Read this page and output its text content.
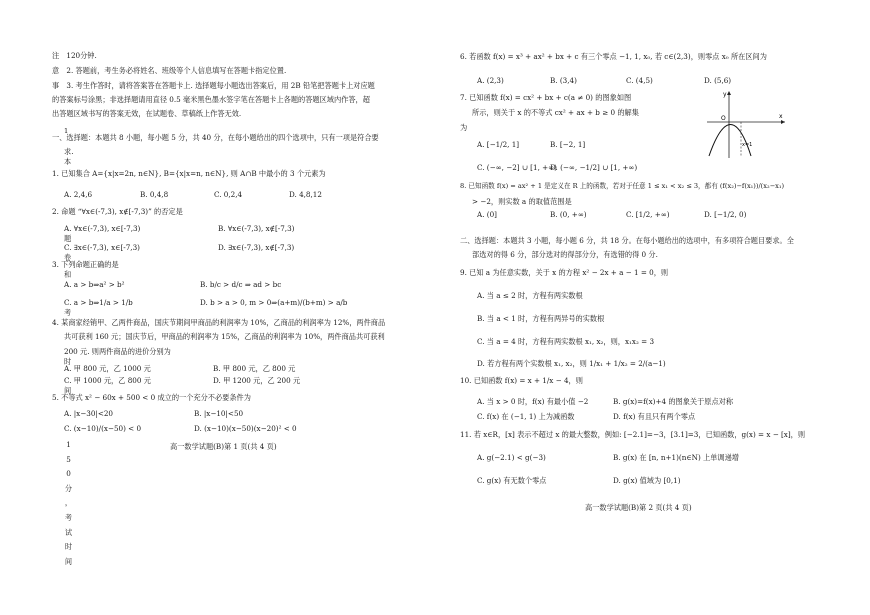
注　120分钟.
意　2. 答题前，考生务必将姓名、班级等个人信息填写在答题卡指定位置.
事　3. 考生作答时，请将答案答在答题卡上. 选择题每小题选出答案后，用 2B 铅笔把答题卡上对应题
的答案标号涂黑；非选择题请用直径 0.5 毫米黑色墨水签字笔在答题卡上各题的答题区域内作答，超
出答题区域书写的答案无效，在试题卷、草稿纸上作答无效.
1
一、选择题：本题共 8 小题，每小题 5 分，共 40 分，在每小题给出的四个选项中，只有一项是符合要
求.
本
1. 已知集合 A={x|x=2n, n∈N}, B={x|x=n, n∈N}, 则 A∩B 中最小的 3 个元素为
A. 2,4,6	B. 0,4,8	C. 0,2,4	D. 4,8,12
2. 命题 “∀x∈(-7,3), x∉[-7,3)” 的否定是
A. ∀x∈(-7,3), x∈[-7,3)	B. ∀x∈(-7,3), x∉[-7,3)
题
C. ∃x∈(-7,3), x∈[-7,3)	D. ∃x∈(-7,3), x∉[-7,3)
卷
3. 下列命题正确的是
和
A. a > b⇒a² > b²	B. b/c > d/c ⇒ ad > bc
C. a > b⇒1/a > 1/b	D. b > a > 0, m > 0⇒(a+m)/(b+m) > a/b
考
4. 某商家经销甲、乙两件商品，国庆节期间甲商品的利润率为 10%，乙商品的利润率为 12%，两件商品
共可获利 160 元；国庆节后，甲商品的利润率为 15%，乙商品的利润率为 10%，两件商品共可获利
200 元. 则两件商品的进价分别为
时
A. 甲 800 元，乙 1000 元	B. 甲 800 元，乙 800 元
C. 甲 1000 元，乙 800 元	D. 甲 1200 元，乙 200 元
间
5. 不等式 x² − 60x + 500 < 0 成立的一个充分不必要条件为
A. |x−30|<20	B. |x−10|<50
C. (x−10)/(x−50) < 0	D. (x−10)(x−50)(x−20)² < 0
1
5
0
分
，
考
试
时
间
高一数学试题(B)第 1 页(共 4 页)
6. 若函数 f(x) = x³ + ax² + bx + c 有三个零点 −1, 1, x₀, 若 c∈(2,3)，则零点 x₀ 所在区间为
A. (2,3)	B. (3,4)	C. (4,5)	D. (5,6)
7. 已知函数 f(x) = cx² + bx + c(a ≠ 0) 的图象如图
所示，则关于 x 的不等式 cx² + ax + b ≥ 0 的解集
为
A. [−1/2, 1]	B. [−2, 1]
C. (−∞, −2] ∪ [1, +∞)
D. (−∞, −1/2] ∪ [1, +∞)
y
x
O
x=1
8. 已知函数 f(x) = ax² + 1 是定义在 R 上的函数，若对于任意 1 ≤ x₁ < x₂ ≤ 3，都有 (f(x₂)−f(x₁))/(x₂−x₁)
> −2，则实数 a 的取值范围是
A. (0]	B. (0, +∞)	C. [1/2, +∞)	D. [−1/2, 0)
二、选择题：本题共 3 小题，每小题 6 分，共 18 分。在每小题给出的选项中，有多项符合题目要求。全
部选对的得 6 分，部分选对的得部分分，有选错的得 0 分.
9. 已知 a 为任意实数，关于 x 的方程 x² − 2x + a − 1 = 0，则
A. 当 a ≤ 2 时，方程有两实数根
B. 当 a < 1 时，方程有两异号的实数根
C. 当 a = 4 时，方程有两实数根 x₁, x₂，则，x₁x₂ = 3
D. 若方程有两个实数根 x₁, x₂，则 1/x₁ + 1/x₂ = 2/(a−1)
10. 已知函数 f(x) = x + 1/x − 4，则
A. 当 x > 0 时，f(x) 有最小值 −2	B. g(x)=f(x)+4 的图象关于原点对称
C. f(x) 在 (−1, 1) 上为减函数	D. f(x) 有且只有两个零点
11. 若 x∈R，[x] 表示不超过 x 的最大整数，例如: [−2.1]=−3，[3.1]=3，已知函数，g(x) = x − [x]，则
A. g(−2.1) < g(−3)	B. g(x) 在 [n, n+1)(n∈N) 上单调递增
C. g(x) 有无数个零点	D. g(x) 值域为 [0,1)
高一数学试题(B)第 2 页(共 4 页)
